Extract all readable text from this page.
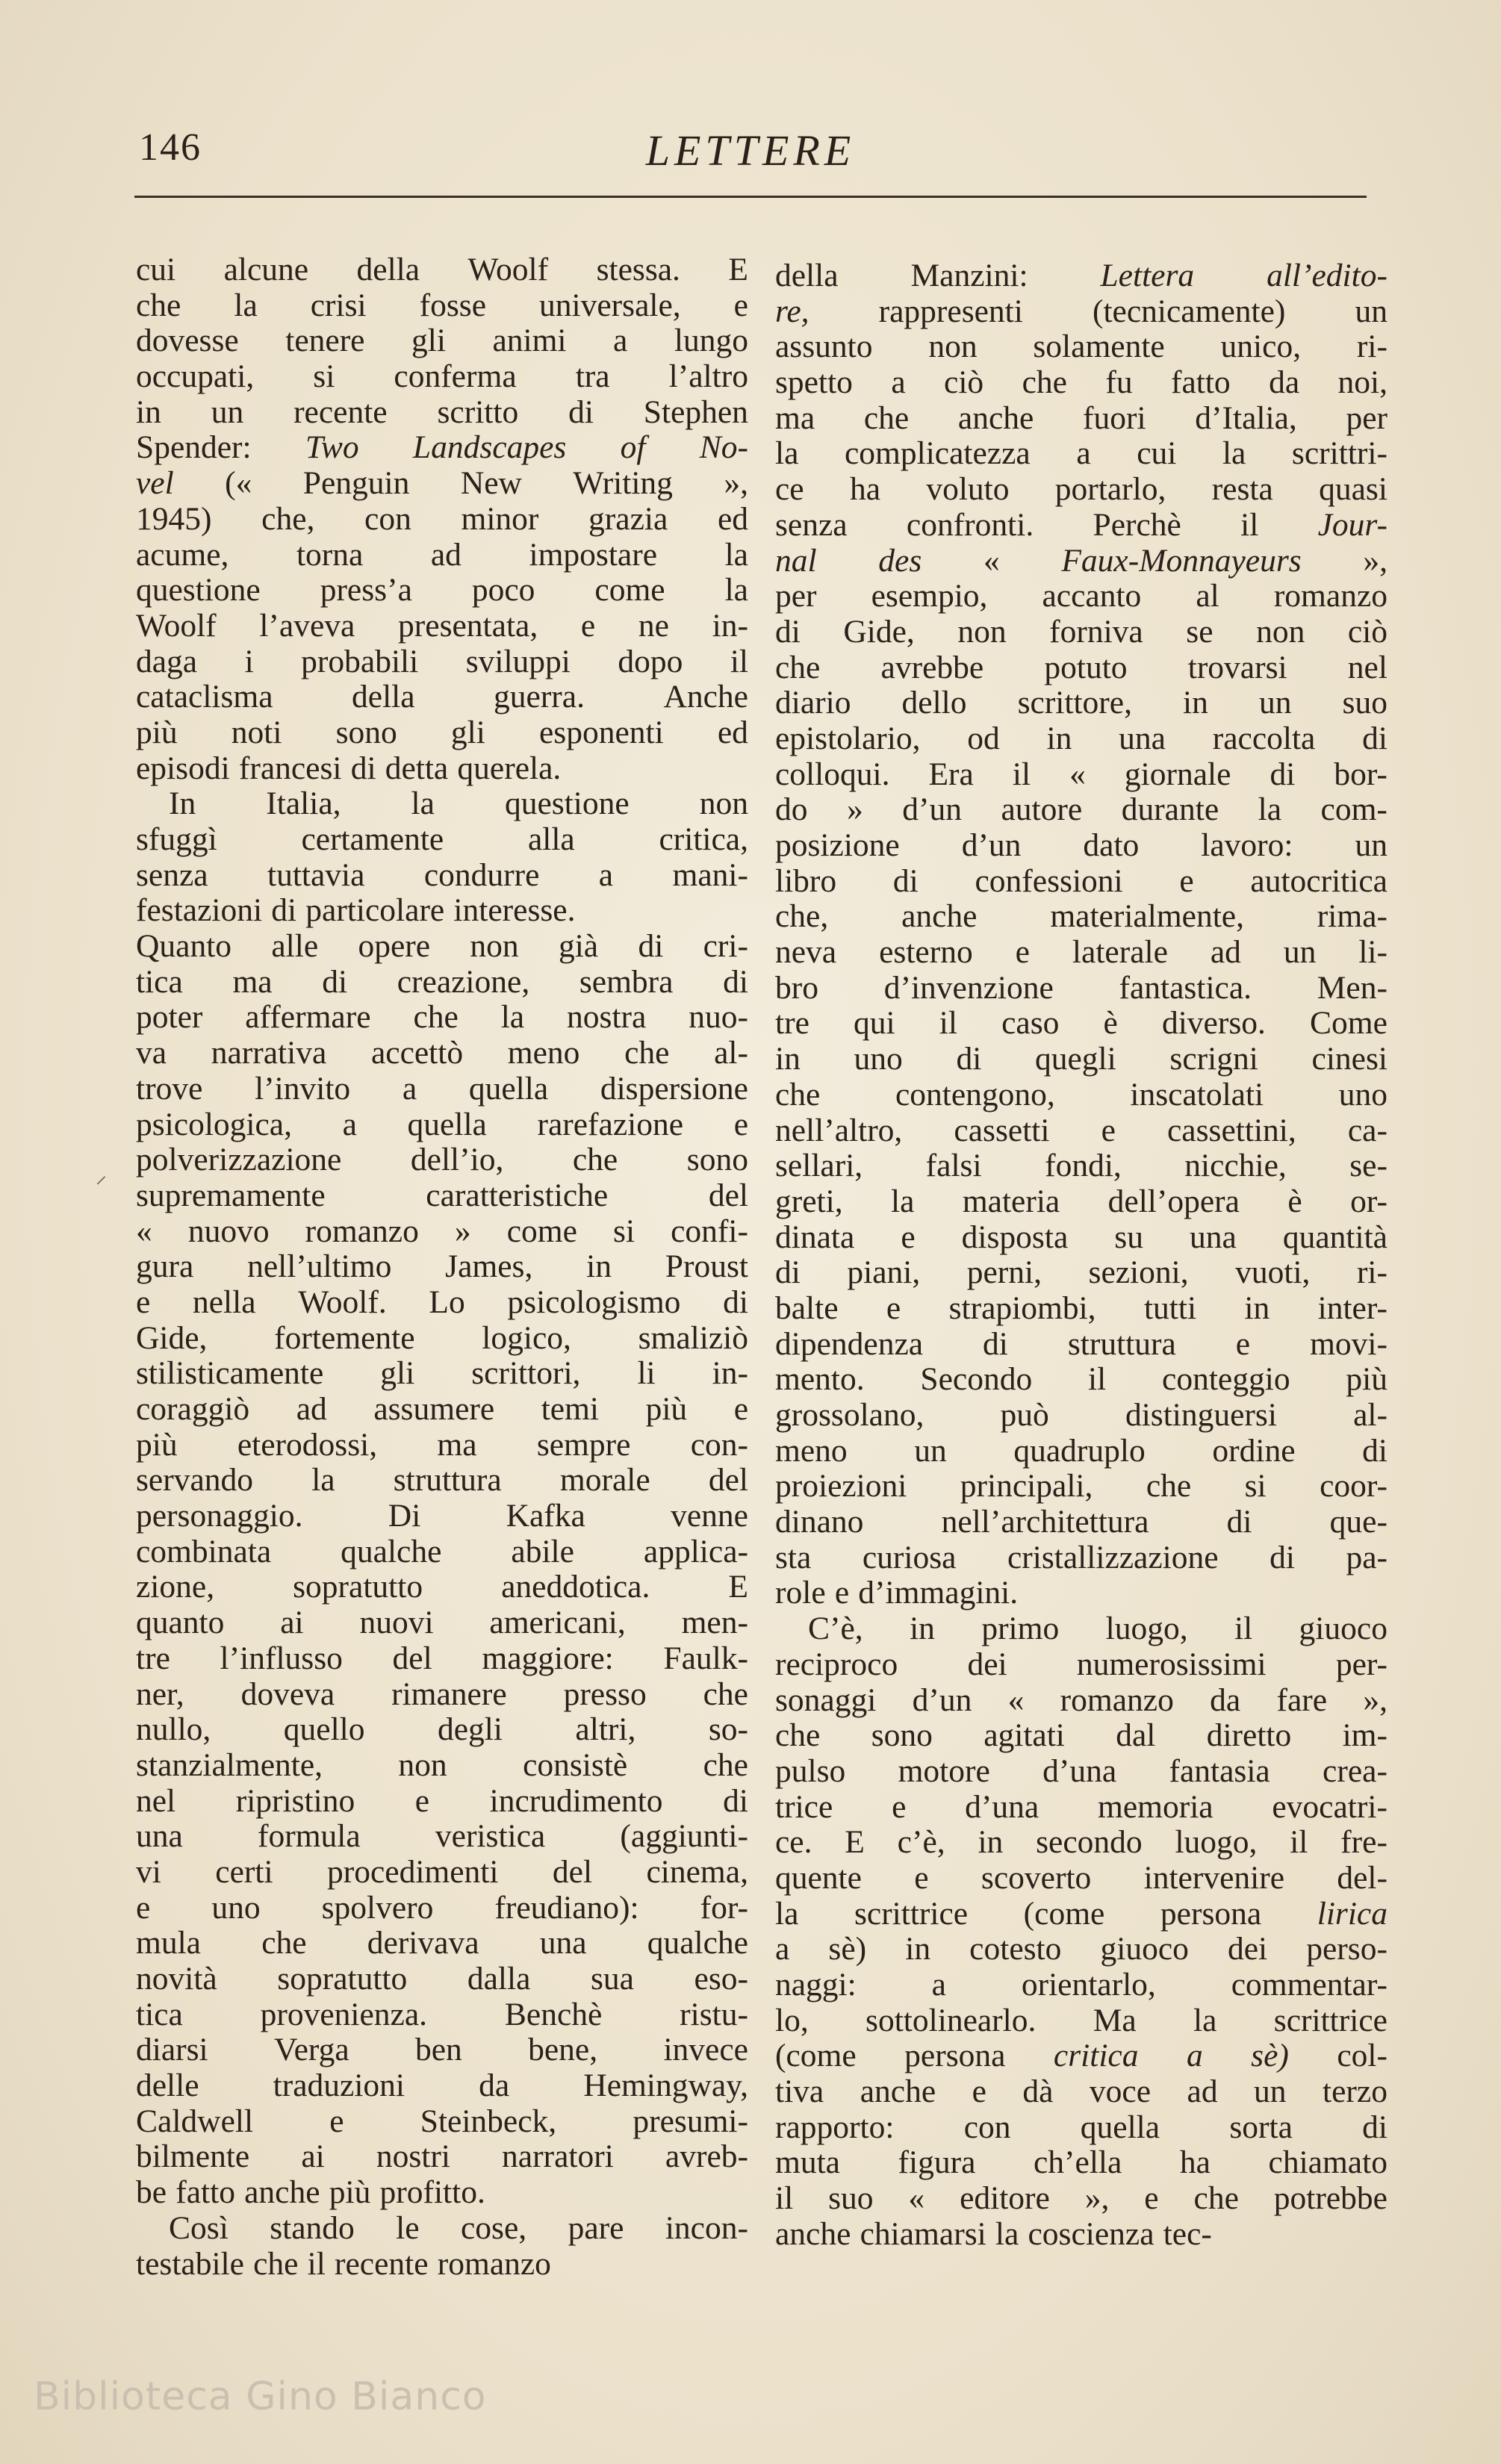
146	LETTERE
cui alcune della Woolf stessa. E
che la crisi fosse universale, e
dovesse tenere gli animi a lungo
occupati, si conferma tra l’altro
in un recente scritto di Stephen
Spender: Two Landscapes of No-
vel (« Penguin New Writing »,
1945) che, con minor grazia ed
acume, torna ad impostare la
questione press’a poco come la
Woolf l’aveva presentata, e ne in-
daga i probabili sviluppi dopo il
cataclisma della guerra. Anche
più noti sono gli esponenti ed
episodi francesi di detta querela.
In Italia, la questione non
sfuggì	certamente	alla	critica,
senza tuttavia condurre a mani-
festazioni di particolare interesse.
Quanto alle opere non già di cri-
tica ma di creazione, sembra di
poter affermare che la nostra nuo-
va narrativa accettò meno che al-
trove l’invito a quella dispersione
psicologica, a quella rarefazione e
polverizzazione dell’io, che sono
supremamente	caratteristiche	del
« nuovo romanzo » come si confi-
gura nell’ultimo James, in Proust
e nella Woolf. Lo psicologismo di
Gide, fortemente logico, smaliziò
stilisticamente gli scrittori, li in-
coraggiò ad assumere temi più e
più eterodossi, ma sempre con-
servando la struttura morale del
personaggio.	Di	Kafka	venne
combinata qualche abile applica-
zione, sopratutto aneddotica. E
quanto ai nuovi americani, men-
tre l’influsso del maggiore: Faulk-
ner, doveva rimanere presso che
nullo, quello degli altri, so-
stanzialmente, non consistè che
nel ripristino e incrudimento di
una formula veristica (aggiunti-
vi certi procedimenti del cinema,
e uno spolvero freudiano): for-
mula che derivava una qualche
novità sopratutto dalla sua eso-
tica provenienza. Benchè ristu-
diarsi Verga ben bene, invece
delle traduzioni da Hemingway,
Caldwell e Steinbeck, presumi-
bilmente ai nostri narratori avreb-
be fatto anche più profitto.
Così stando le cose, pare incon-
testabile che il recente romanzo
della Manzini: Lettera all’edito-
re, rappresenti (tecnicamente) un
assunto non solamente unico, ri-
spetto a ciò che fu fatto da noi,
ma che anche fuori d’Italia, per
la complicatezza a cui la scrittri-
ce ha voluto portarlo, resta quasi
senza confronti. Perchè il Jour-
nal des « Faux-Monnayeurs »,
per esempio, accanto al romanzo
di Gide, non forniva se non ciò
che avrebbe potuto trovarsi nel
diario dello scrittore, in un suo
epistolario, od in una raccolta di
colloqui. Era il « giornale di bor-
do » d’un autore durante la com-
posizione d’un dato lavoro: un
libro di confessioni e autocritica
che, anche materialmente, rima-
neva esterno e laterale ad un li-
bro d’invenzione fantastica. Men-
tre qui il caso è diverso. Come
in uno di quegli scrigni cinesi
che contengono, inscatolati uno
nell’altro, cassetti e cassettini, ca-
sellari, falsi fondi, nicchie, se-
greti, la materia dell’opera è or-
dinata e disposta su una quantità
di piani, perni, sezioni, vuoti, ri-
balte e strapiombi, tutti in inter-
dipendenza di struttura e movi-
mento. Secondo il conteggio più
grossolano, può distinguersi al-
meno un quadruplo ordine di
proiezioni principali, che si coor-
dinano nell’architettura di que-
sta curiosa cristallizzazione di pa-
role e d’immagini.
C’è, in primo luogo, il giuoco
reciproco dei numerosissimi per-
sonaggi d’un « romanzo da fare »,
che sono agitati dal diretto im-
pulso motore d’una fantasia crea-
trice e d’una memoria evocatri-
ce. E c’è, in secondo luogo, il fre-
quente e scoverto intervenire del-
la scrittrice (come persona lirica
a sè) in cotesto giuoco dei perso-
naggi: a orientarlo, commentar-
lo, sottolinearlo. Ma la scrittrice
(come persona critica a sè) col-
tiva anche e dà voce ad un terzo
rapporto: con quella sorta di
muta figura ch’ella ha chiamato
il suo « editore », e che potrebbe
anche chiamarsi la coscienza tec-
⸝
Biblioteca Gino Bianco
